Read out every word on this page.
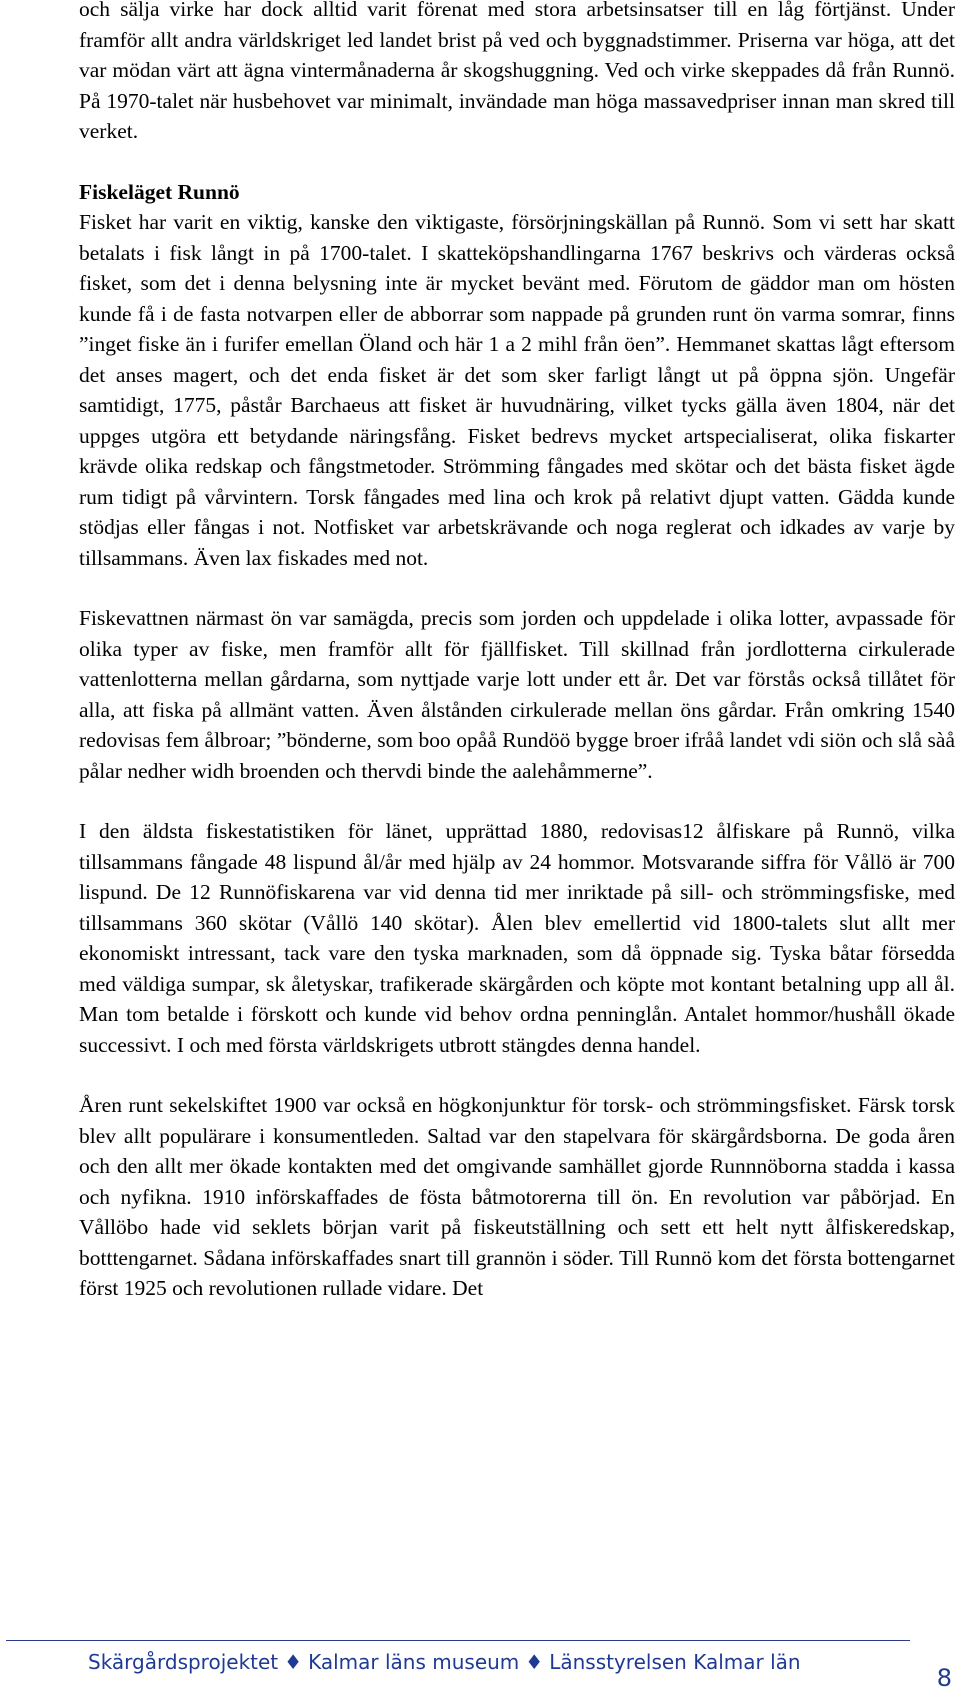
och sälja virke har dock alltid varit förenat med stora arbetsinsatser till en låg förtjänst. Under framför allt andra världskriget led landet brist på ved och byggnadstimmer. Priserna var höga, att det var mödan värt att ägna vintermånaderna år skogshuggning. Ved och virke skeppades då från Runnö. På 1970-talet när husbehovet var minimalt, invändade man höga massavedpriser innan man skred till verket.

Fiskeläget Runnö

Fisket har varit en viktig, kanske den viktigaste, försörjningskällan på Runnö. Som vi sett har skatt betalats i fisk långt in på 1700-talet. I skatteköpshandlingarna 1767 beskrivs och värderas också fisket, som det i denna belysning inte är mycket bevänt med. Förutom de gäddor man om hösten kunde få i de fasta notvarpen eller de abborrar som nappade på grunden runt ön varma somrar, finns ”inget fiske än i furifer emellan Öland och här 1 a 2 mihl från öen”. Hemmanet skattas lågt eftersom det anses magert, och det enda fisket är det som sker farligt långt ut på öppna sjön. Ungefär samtidigt, 1775, påstår Barchaeus att fisket är huvudnäring, vilket tycks gälla även 1804, när det uppges utgöra ett betydande näringsfång. Fisket bedrevs mycket artspecialiserat, olika fiskarter krävde olika redskap och fångstmetoder. Strömming fångades med skötar och det bästa fisket ägde rum tidigt på vårvintern. Torsk fångades med lina och krok på relativt djupt vatten. Gädda kunde stödjas eller fångas i not. Notfisket var arbetskrävande och noga reglerat och idkades av varje by tillsammans. Även lax fiskades med not.

Fiskevattnen närmast ön var samägda, precis som jorden och uppdelade i olika lotter, avpassade för olika typer av fiske, men framför allt för fjällfisket. Till skillnad från jordlotterna cirkulerade vattenlotterna mellan gårdarna, som nyttjade varje lott under ett år. Det var förstås också tillåtet för alla, att fiska på allmänt vatten. Även ålstånden cirkulerade mellan öns gårdar. Från omkring 1540 redovisas fem ålbroar; ”bönderne, som boo opåå Rundöö bygge broer ifråå landet vdi siön och slå sàå pålar nedher widh broenden och thervdi binde the aalehåmmerne”.

I den äldsta fiskestatistiken för länet, upprättad 1880, redovisas12 ålfiskare på Runnö, vilka tillsammans fångade 48 lispund ål/år med hjälp av 24 hommor. Motsvarande siffra för Vållö är 700 lispund. De 12 Runnöfiskarena var vid denna tid mer inriktade på sill- och strömmingsfiske, med tillsammans 360 skötar (Vållö 140 skötar). Ålen blev emellertid vid 1800-talets slut allt mer ekonomiskt intressant, tack vare den tyska marknaden, som då öppnade sig. Tyska båtar försedda med väldiga sumpar, sk åletyskar, trafikerade skärgården och köpte mot kontant betalning upp all ål. Man tom betalde i förskott och kunde vid behov ordna penninglån. Antalet hommor/hushåll ökade successivt. I och med första världskrigets utbrott stängdes denna handel.

Åren runt sekelskiftet 1900 var också en högkonjunktur för torsk- och strömmingsfisket. Färsk torsk blev allt populärare i konsumentleden. Saltad var den stapelvara för skärgårdsborna. De goda åren och den allt mer ökade kontakten med det omgivande samhället gjorde Runnnöborna stadda i kassa och nyfikna. 1910 införskaffades de fösta båtmotorerna till ön. En revolution var påbörjad. En Vållöbo hade vid seklets början varit på fiskeutställning och sett ett helt nytt ålfiskeredskap, botttengarnet. Sådana införskaffades snart till grannön i söder. Till Runnö kom det första bottengarnet först 1925 och revolutionen rullade vidare. Det

Skärgårdsprojektet ♦ Kalmar läns museum ♦ Länsstyrelsen Kalmar län
8
